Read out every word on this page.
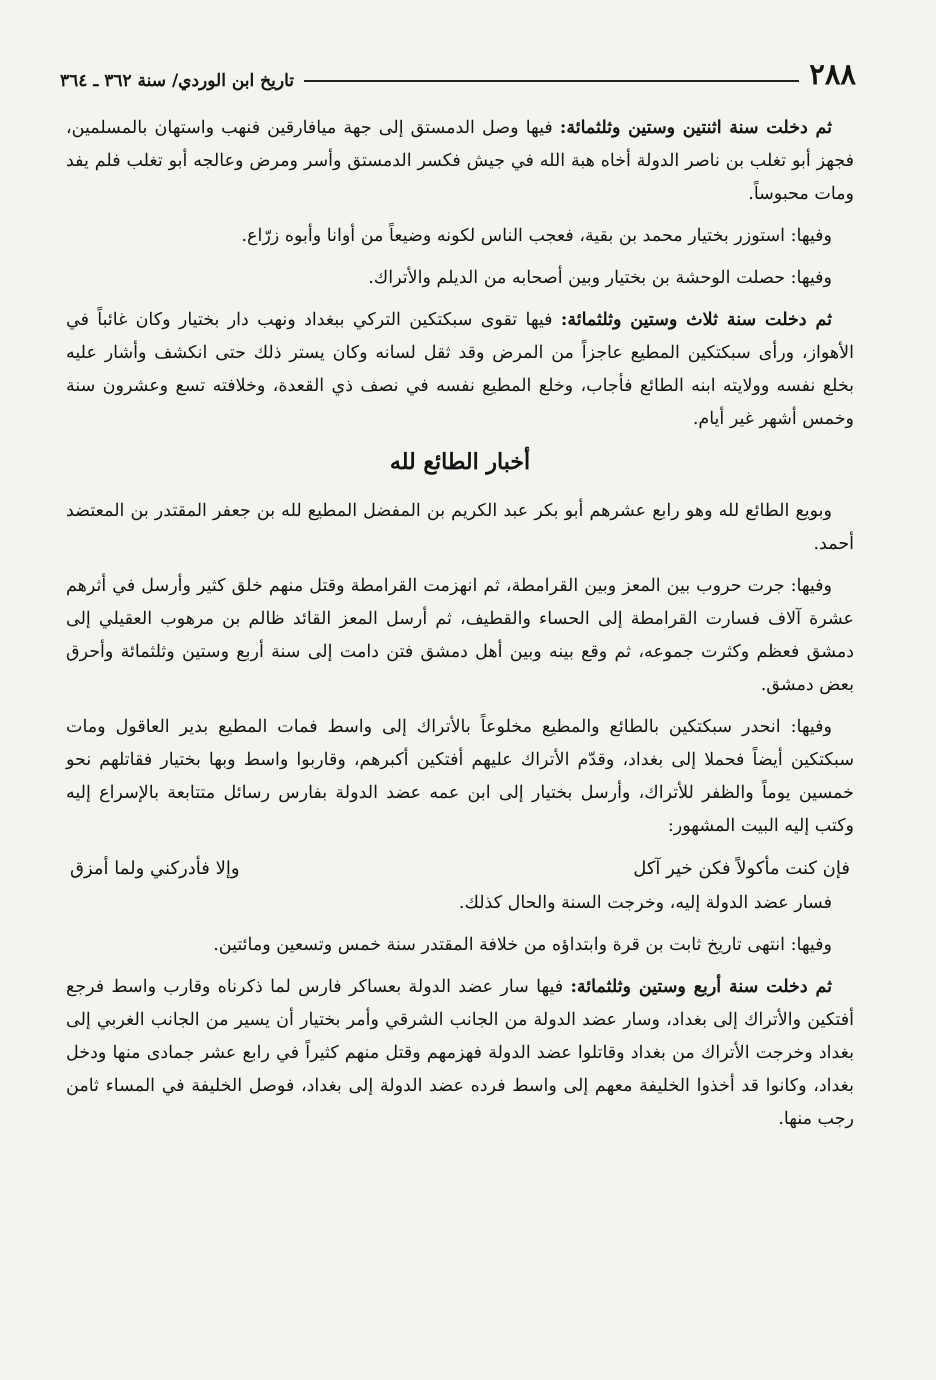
٢٨٨
تاريخ ابن الوردي/ سنة ٣٦٢ ـ ٣٦٤

ثم دخلت سنة اثنتين وستين وثلثمائة: فيها وصل الدمستق إلى جهة ميافارقين فنهب واستهان بالمسلمين، فجهز أبو تغلب بن ناصر الدولة أخاه هبة الله في جيش فكسر الدمستق وأسر ومرض وعالجه أبو تغلب فلم يفد ومات محبوساً.

وفيها: استوزر بختيار محمد بن بقية، فعجب الناس لكونه وضيعاً من أوانا وأبوه زرّاع.

وفيها: حصلت الوحشة بن بختيار وبين أصحابه من الديلم والأتراك.

ثم دخلت سنة ثلاث وستين وثلثمائة: فيها تقوى سبكتكين التركي ببغداد ونهب دار بختيار وكان غائباً في الأهواز، ورأى سبكتكين المطيع عاجزاً من المرض وقد ثقل لسانه وكان يستر ذلك حتى انكشف وأشار عليه بخلع نفسه وولايته ابنه الطائع فأجاب، وخلع المطيع نفسه في نصف ذي القعدة، وخلافته تسع وعشرون سنة وخمس أشهر غير أيام.

أخبار الطائع لله

وبويع الطائع لله وهو رابع عشرهم أبو بكر عبد الكريم بن المفضل المطيع لله بن جعفر المقتدر بن المعتضد أحمد.

وفيها: جرت حروب بين المعز وبين القرامطة، ثم انهزمت القرامطة وقتل منهم خلق كثير وأرسل في أثرهم عشرة آلاف فسارت القرامطة إلى الحساء والقطيف، ثم أرسل المعز القائد ظالم بن مرهوب العقيلي إلى دمشق فعظم وكثرت جموعه، ثم وقع بينه وبين أهل دمشق فتن دامت إلى سنة أربع وستين وثلثمائة وأحرق بعض دمشق.

وفيها: انحدر سبكتكين بالطائع والمطيع مخلوعاً بالأتراك إلى واسط فمات المطيع بدير العاقول ومات سبكتكين أيضاً فحملا إلى بغداد، وقدّم الأتراك عليهم أفتكين أكبرهم، وقاربوا واسط وبها بختيار فقاتلهم نحو خمسين يوماً والظفر للأتراك، وأرسل بختيار إلى ابن عمه عضد الدولة بفارس رسائل متتابعة بالإسراع إليه وكتب إليه البيت المشهور:

فإن كنت مأكولاً فكن خير آكل
وإلا فأدركني ولما أمزق

فسار عضد الدولة إليه، وخرجت السنة والحال كذلك.

وفيها: انتهى تاريخ ثابت بن قرة وابتداؤه من خلافة المقتدر سنة خمس وتسعين ومائتين.

ثم دخلت سنة أربع وستين وثلثمائة: فيها سار عضد الدولة بعساكر فارس لما ذكرناه وقارب واسط فرجع أفتكين والأتراك إلى بغداد، وسار عضد الدولة من الجانب الشرقي وأمر بختيار أن يسير من الجانب الغربي إلى بغداد وخرجت الأتراك من بغداد وقاتلوا عضد الدولة فهزمهم وقتل منهم كثيراً في رابع عشر جمادى منها ودخل بغداد، وكانوا قد أخذوا الخليفة معهم إلى واسط فرده عضد الدولة إلى بغداد، فوصل الخليفة في المساء ثامن رجب منها.
